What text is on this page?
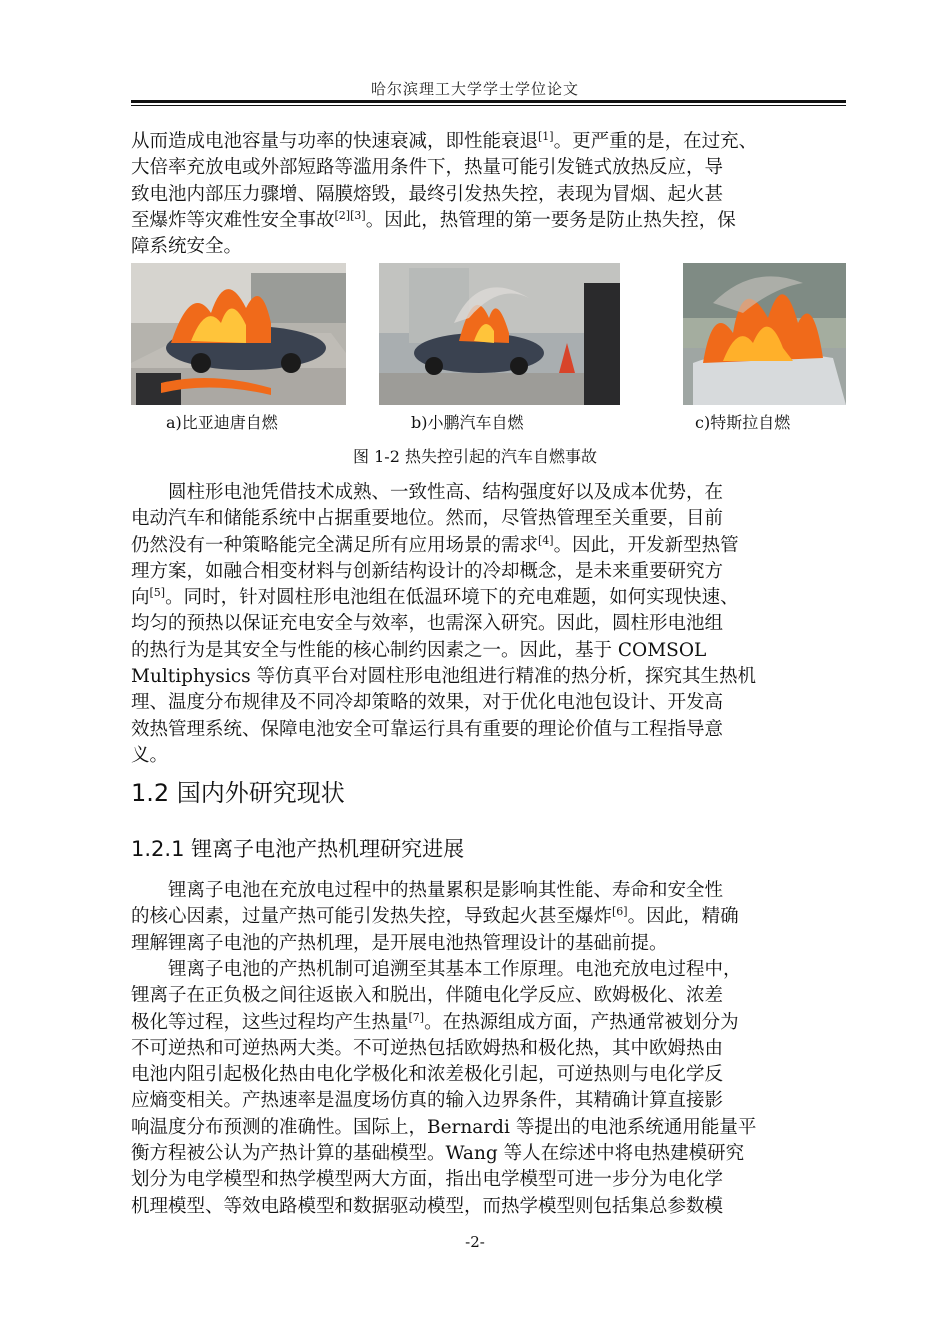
哈尔滨理工大学学士学位论文
从而造成电池容量与功率的快速衰减，即性能衰退[1]。更严重的是，在过充、
大倍率充放电或外部短路等滥用条件下，热量可能引发链式放热反应，导
致电池内部压力骤增、隔膜熔毁，最终引发热失控，表现为冒烟、起火甚
至爆炸等灾难性安全事故[2][3]。因此，热管理的第一要务是防止热失控，保
障系统安全。
a)比亚迪唐自燃	b)小鹏汽车自燃	c)特斯拉自燃
图 1-2 热失控引起的汽车自燃事故
　　圆柱形电池凭借技术成熟、一致性高、结构强度好以及成本优势，在
电动汽车和储能系统中占据重要地位。然而，尽管热管理至关重要，目前
仍然没有一种策略能完全满足所有应用场景的需求[4]。因此，开发新型热管
理方案，如融合相变材料与创新结构设计的冷却概念，是未来重要研究方
向[5]。同时，针对圆柱形电池组在低温环境下的充电难题，如何实现快速、
均匀的预热以保证充电安全与效率，也需深入研究。因此，圆柱形电池组
的热行为是其安全与性能的核心制约因素之一。因此，基于 COMSOL
Multiphysics 等仿真平台对圆柱形电池组进行精准的热分析，探究其生热机
理、温度分布规律及不同冷却策略的效果，对于优化电池包设计、开发高
效热管理系统、保障电池安全可靠运行具有重要的理论价值与工程指导意
义。
1.2 国内外研究现状
1.2.1 锂离子电池产热机理研究进展
　　锂离子电池在充放电过程中的热量累积是影响其性能、寿命和安全性
的核心因素，过量产热可能引发热失控，导致起火甚至爆炸[6]。因此，精确
理解锂离子电池的产热机理，是开展电池热管理设计的基础前提。
　　锂离子电池的产热机制可追溯至其基本工作原理。电池充放电过程中，
锂离子在正负极之间往返嵌入和脱出，伴随电化学反应、欧姆极化、浓差
极化等过程，这些过程均产生热量[7]。在热源组成方面，产热通常被划分为
不可逆热和可逆热两大类。不可逆热包括欧姆热和极化热，其中欧姆热由
电池内阻引起极化热由电化学极化和浓差极化引起，可逆热则与电化学反
应熵变相关。产热速率是温度场仿真的输入边界条件，其精确计算直接影
响温度分布预测的准确性。国际上，Bernardi 等提出的电池系统通用能量平
衡方程被公认为产热计算的基础模型。Wang 等人在综述中将电热建模研究
划分为电学模型和热学模型两大方面，指出电学模型可进一步分为电化学
机理模型、等效电路模型和数据驱动模型，而热学模型则包括集总参数模
-2-
